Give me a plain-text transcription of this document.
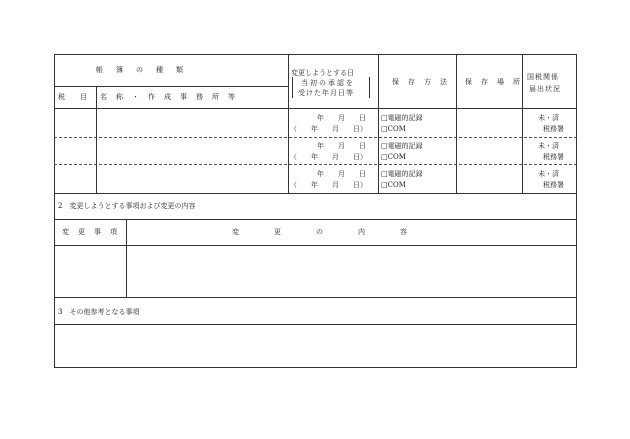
帳　簿　の　種　類
税　目 名　称　・　作　成　事　務　所　等
変更しようとする日
当初の承認を
受けた年月日等
保　存　方　法 保　存　場　所
国税関係
届出状況
年　　月　　日
（　　年　　月　　日）
□電磁的記録
□COM
未・済
税務署
年　　月　　日
（　　年　　月　　日）
□電磁的記録
□COM
未・済
税務署
年　　月　　日
（　　年　　月　　日）
□電磁的記録
□COM
未・済
税務署
2　変更しようとする事項および変更の内容
変　更　事　項	変　　　　　更　　　　　の　　　　　内　　　　　容
3　その他参考となる事項
